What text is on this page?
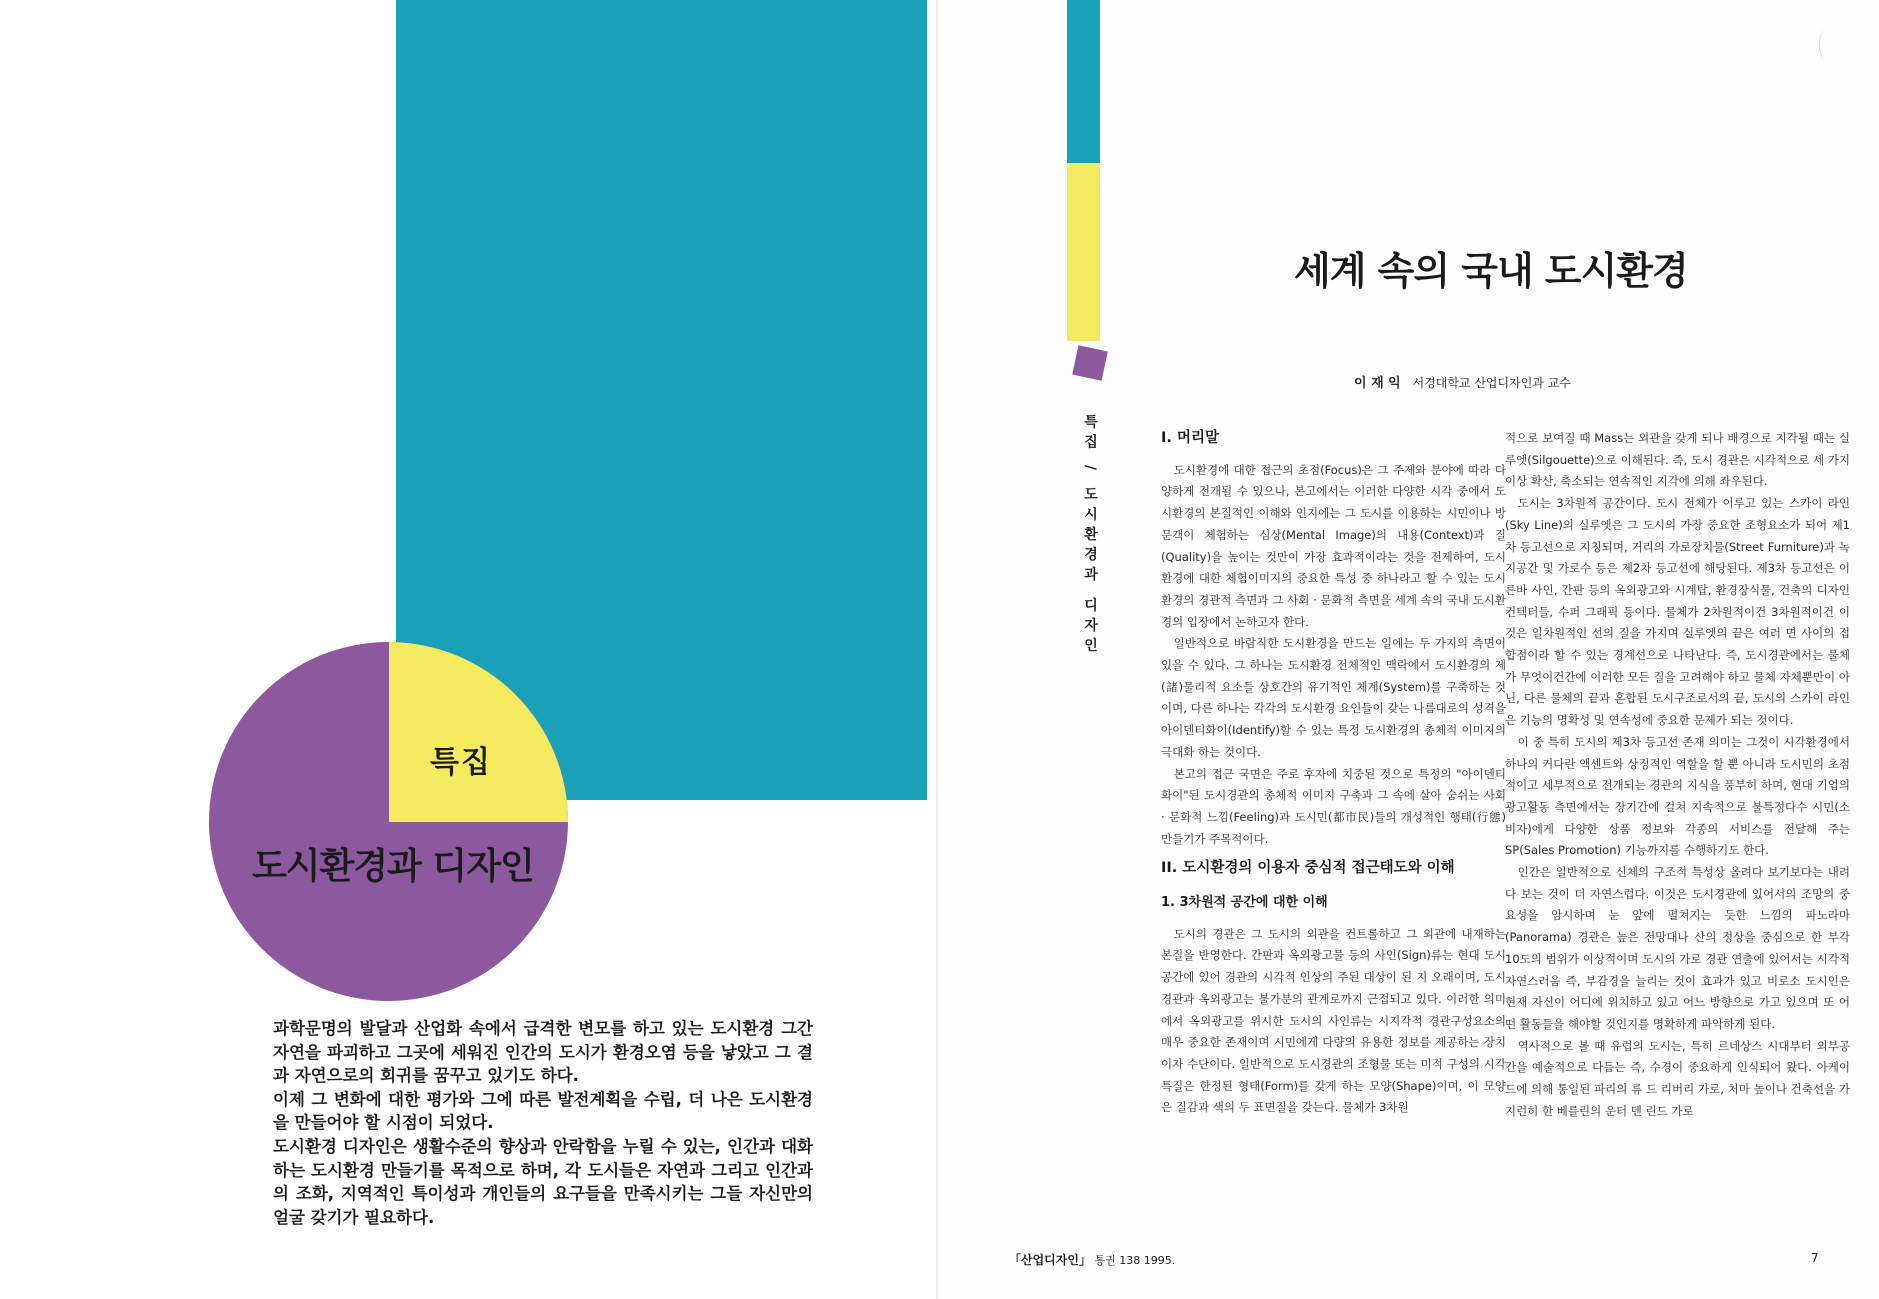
특집
도시환경과 디자인

과학문명의 발달과 산업화 속에서 급격한 변모를 하고 있는 도시환경 그간 자연을 파괴하고 그곳에 세워진 인간의 도시가 환경오염 등을 낳았고 그 결과 자연으로의 회귀를 꿈꾸고 있기도 하다.

이제 그 변화에 대한 평가와 그에 따른 발전계획을 수립, 더 나은 도시환경을 만들어야 할 시점이 되었다.

도시환경 디자인은 생활수준의 향상과 안락함을 누릴 수 있는, 인간과 대화하는 도시환경 만들기를 목적으로 하며, 각 도시들은 자연과 그리고 인간과의 조화, 지역적인 특이성과 개인들의 요구들을 만족시키는 그들 자신만의 얼굴 갖기가 필요하다.

특집 / 도시환경과 디자인
세계 속의 국내 도시환경
이 재 익 서경대학교 산업디자인과 교수
I. 머리말

도시환경에 대한 접근의 초점(Focus)은 그 주제와 분야에 따라 다양하게 전개될 수 있으나, 본고에서는 이러한 다양한 시각 중에서 도시환경의 본질적인 이해와 인지에는 그 도시를 이용하는 시민이나 방문객이 체험하는 심상(Mental Image)의 내용(Context)과 질(Quality)을 높이는 것만이 가장 효과적이라는 것을 전제하여, 도시환경에 대한 체험이미지의 중요한 특성 중 하나라고 할 수 있는 도시환경의 경관적 측면과 그 사회 · 문화적 측면을 세계 속의 국내 도시환경의 입장에서 논하고자 한다.

일반적으로 바람직한 도시환경을 만드는 일에는 두 가지의 측면이 있을 수 있다. 그 하나는 도시환경 전체적인 맥락에서 도시환경의 제(諸)물리적 요소들 상호간의 유기적인 체계(System)를 구축하는 것이며, 다른 하나는 각각의 도시환경 요인들이 갖는 나름대로의 성격을 아이덴티화이(Identify)할 수 있는 특정 도시환경의 총체적 이미지의 극대화 하는 것이다.

본고의 접근 국면은 주로 후자에 치중된 것으로 특정의 "아이덴티화이"된 도시경관의 총체적 이미지 구축과 그 속에 살아 숨쉬는 사회 · 문화적 느낌(Feeling)과 도시민(都市民)들의 개성적인 행태(行態) 만들기가 주목적이다.

II. 도시환경의 이용자 중심적 접근태도와 이해
1. 3차원적 공간에 대한 이해

도시의 경관은 그 도시의 외관을 컨트롤하고 그 외관에 내재하는 본질을 반영한다. 간판과 옥외광고물 등의 사인(Sign)류는 현대 도시공간에 있어 경관의 시각적 인상의 주된 대상이 된 지 오래이며, 도시경관과 옥외광고는 불가분의 관계로까지 근접되고 있다. 이러한 의미에서 옥외광고를 위시한 도시의 사인류는 시지각적 경관구성요소의 매우 중요한 존재이며 시민에게 다량의 유용한 정보를 제공하는 장치이자 수단이다. 일반적으로 도시경관의 조형물 또는 미적 구성의 시각 특질은 한정된 형태(Form)를 갖게 하는 모양(Shape)이며, 이 모양은 질감과 색의 두 표면질을 갖는다. 물체가 3차원

적으로 보여질 때 Mass는 외관을 갖게 되나 배경으로 지각될 때는 실루엣(Silgouette)으로 이해된다. 즉, 도시 경관은 시각적으로 세 가지 이상 확산, 축소되는 연속적인 지각에 의해 좌우된다.

도시는 3차원적 공간이다. 도시 전체가 이루고 있는 스카이 라인(Sky Line)의 실루엣은 그 도시의 가장 중요한 조형요소가 되어 제1차 등고선으로 지칭되며, 거리의 가로장치물(Street Furniture)과 녹지공간 및 가로수 등은 제2차 등고선에 해당된다. 제3차 등고선은 이른바 사인, 간판 등의 옥외광고와 시계탑, 환경장식물, 건축의 디자인컨텍터들, 수퍼 그래픽 등이다. 물체가 2차원적이건 3차원적이건 이것은 일차원적인 선의 질을 가지며 실루엣의 끝은 여러 면 사이의 접합점이라 할 수 있는 경계선으로 나타난다. 즉, 도시경관에서는 물체가 무엇이건간에 이러한 모든 질을 고려해야 하고 물체 자체뿐만이 아닌, 다른 물체의 끝과 혼합된 도시구조로서의 끝, 도시의 스카이 라인은 기능의 명확성 및 연속성에 중요한 문제가 되는 것이다.

이 중 특히 도시의 제3차 등고선 존재 의미는 그것이 시각환경에서 하나의 커다란 액센트와 상징적인 역할을 할 뿐 아니라 도시민의 초점적이고 세부적으로 전개되는 경관의 지식을 풍부히 하며, 현대 기업의 광고활동 측면에서는 장기간에 걸쳐 지속적으로 불특정다수 시민(소비자)에게 다양한 상품 정보와 각종의 서비스를 전달해 주는 SP(Sales Promotion) 기능까지를 수행하기도 한다.

인간은 일반적으로 신체의 구조적 특성상 올려다 보기보다는 내려다 보는 것이 더 자연스럽다. 이것은 도시경관에 있어서의 조망의 중요성을 암시하며 눈 앞에 펼쳐지는 듯한 느낌의 파노라마(Panorama) 경관은 높은 전망대나 산의 정상을 중심으로 한 부각 10도의 범위가 이상적이며 도시의 가로 경관 연출에 있어서는 시각적 자연스러움 즉, 부감경을 늘리는 것이 효과가 있고 비로소 도시인은 현재 자신이 어디에 위치하고 있고 어느 방향으로 가고 있으며 또 어떤 활동들을 해야할 것인지를 명확하게 파악하게 된다.

역사적으로 볼 때 유럽의 도시는, 특히 르네상스 시대부터 외부공간을 예술적으로 다듬는 즉, 수경이 중요하게 인식되어 왔다. 아케이드에 의해 통일된 파리의 류 드 리버리 가로, 처마 높이나 건축선을 가지런히 한 베를린의 운터 덴 린드 가로

「산업디자인」 통권 138 1995.	7
